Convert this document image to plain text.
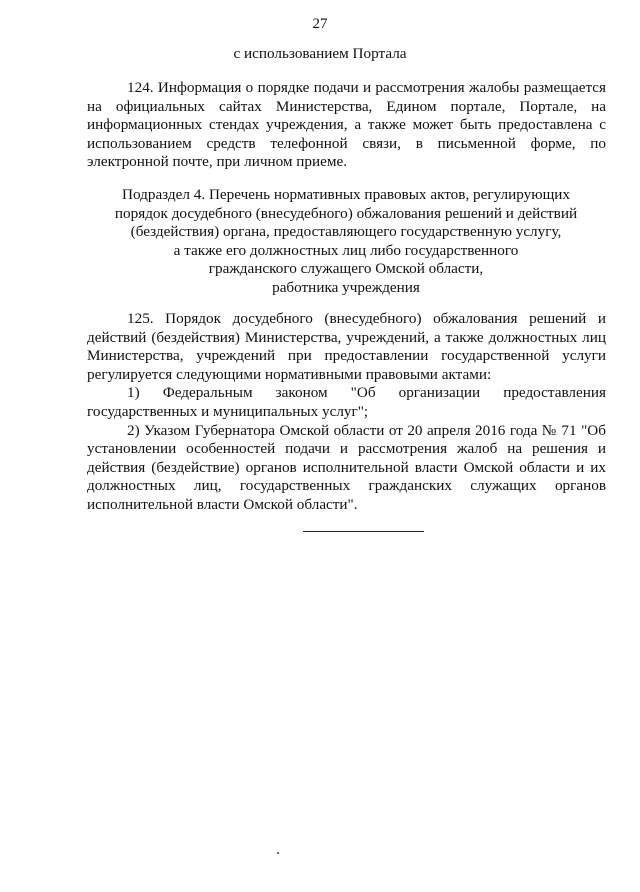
27
с использованием Портала

124. Информация о порядке подачи и рассмотрения жалобы размещается на официальных сайтах Министерства, Едином портале, Портале, на информационных стендах учреждения, а также может быть предоставлена с использованием средств телефонной связи, в письменной форме, по электронной почте, при личном приеме.

Подраздел 4. Перечень нормативных правовых актов, регулирующих
порядок досудебного (внесудебного) обжалования решений и действий
(бездействия) органа, предоставляющего государственную услугу,
а также его должностных лиц либо государственного
гражданского служащего Омской области,
работника учреждения

125. Порядок досудебного (внесудебного) обжалования решений и действий (бездействия) Министерства, учреждений, а также должностных лиц Министерства, учреждений при предоставлении государственной услуги регулируется следующими нормативными правовыми актами:

1) Федеральным законом "Об организации предоставления государственных и муниципальных услуг";

2) Указом Губернатора Омской области от 20 апреля 2016 года № 71 "Об установлении особенностей подачи и рассмотрения жалоб на решения и действия (бездействие) органов исполнительной власти Омской области и их должностных лиц, государственных гражданских служащих органов исполнительной власти Омской области".
